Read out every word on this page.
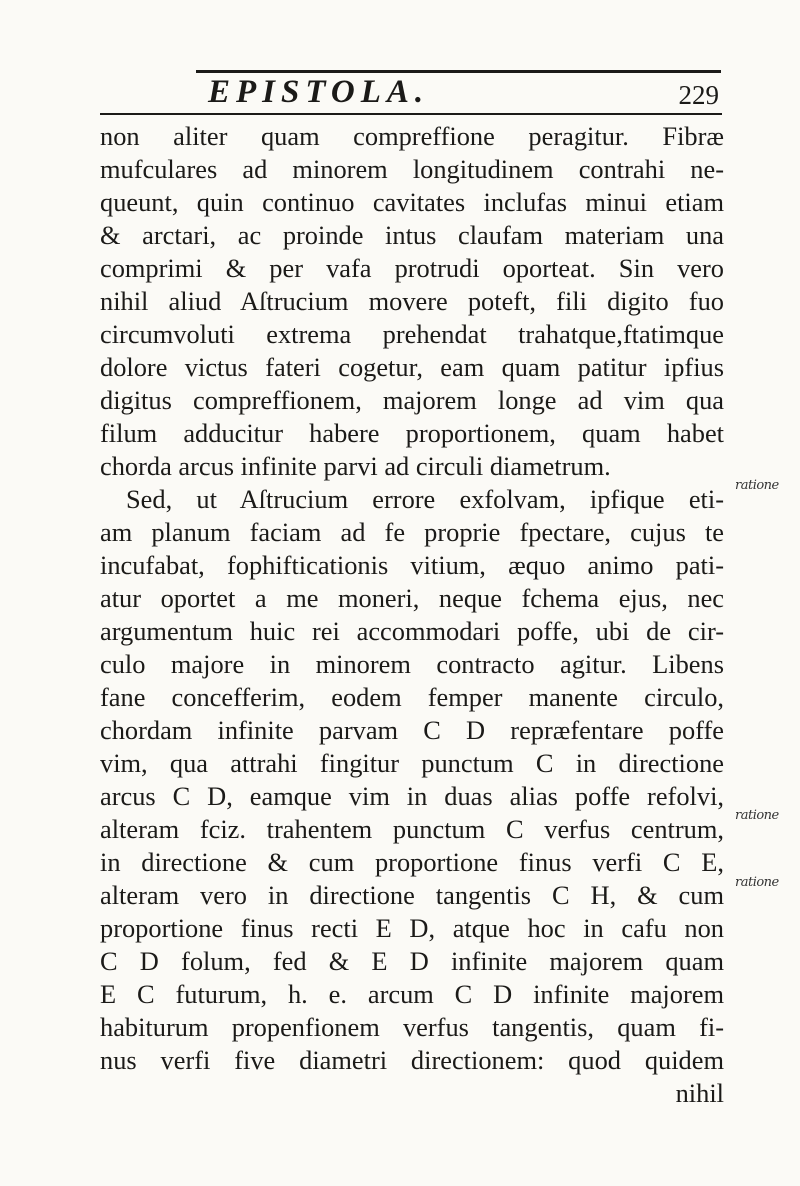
EPISTOLA.	229
non aliter quam compreffione peragitur. Fibræ
mufculares ad minorem longitudinem contrahi ne-
queunt, quin continuo cavitates inclufas minui etiam
& arctari, ac proinde intus claufam materiam una
comprimi & per vafa protrudi oporteat. Sin vero
nihil aliud Aſtrucium movere poteft, fili digito fuo
circumvoluti extrema prehendat trahatque,ftatimque
dolore victus fateri cogetur, eam quam patitur ipfius
digitus compreffionem, majorem longe ad vim qua
filum adducitur habere proportionem, quam habet
chorda arcus infinite parvi ad circuli diametrum.
Sed, ut Aſtrucium errore exfolvam, ipfique eti-
am planum faciam ad fe proprie fpectare, cujus te
incufabat, fophifticationis vitium, æquo animo pati-
atur oportet a me moneri, neque fchema ejus, nec
argumentum huic rei accommodari poffe, ubi de cir-
culo majore in minorem contracto agitur. Libens
fane concefferim, eodem femper manente circulo,
chordam infinite parvam C D repræfentare poffe
vim, qua attrahi fingitur punctum C in directione
arcus C D, eamque vim in duas alias poffe refolvi,
alteram fciz. trahentem punctum C verfus centrum,
in directione & cum proportione finus verfi C E,
alteram vero in directione tangentis C H, & cum
proportione finus recti E D, atque hoc in cafu non
C D folum, fed & E D infinite majorem quam
E C futurum, h. e. arcum C D infinite majorem
habiturum propenfionem verfus tangentis, quam fi-
nus verfi five diametri directionem: quod quidem
nihil
ratione
ratione
ratione
